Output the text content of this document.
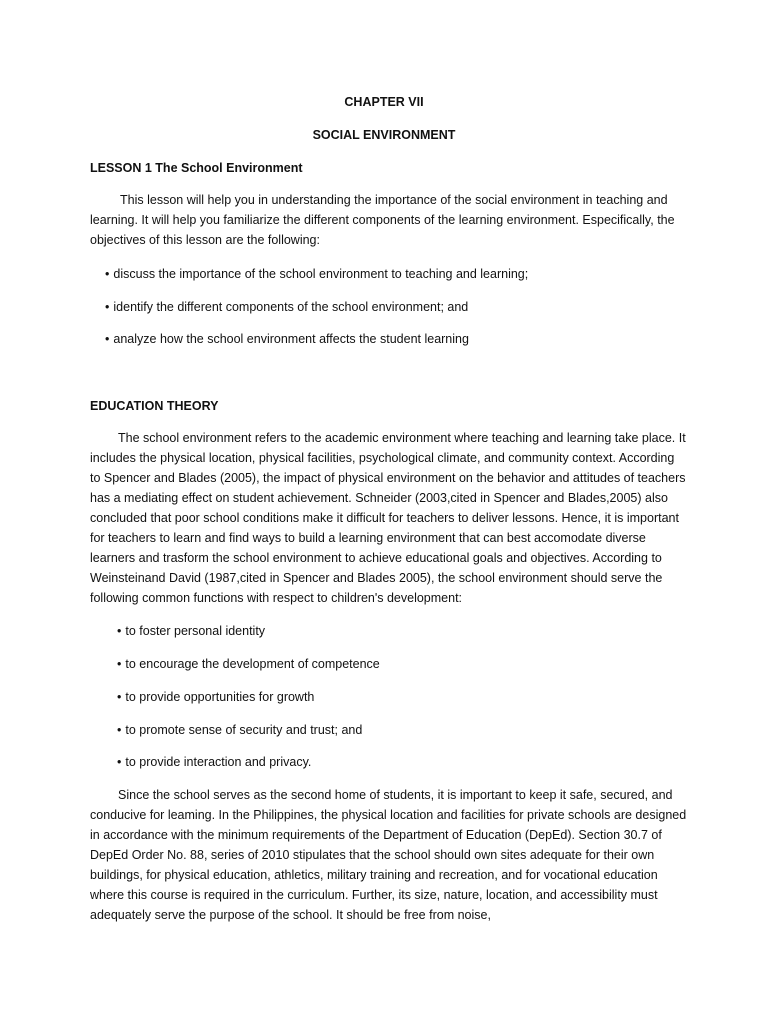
CHAPTER VII
SOCIAL ENVIRONMENT
LESSON 1 The School Environment

This lesson will help you in understanding the importance of the social environment in teaching and learning. It will help you familiarize the different components of the learning environment. Especifically, the objectives of this lesson are the following:

• discuss the importance of the school environment to teaching and learning;
• identify the different components of the school environment; and
• analyze how the school environment affects the student learning
EDUCATION THEORY

The school environment refers to the academic environment where teaching and learning take place. It includes the physical location, physical facilities, psychological climate, and community context. According to Spencer and Blades (2005), the impact of physical environment on the behavior and attitudes of teachers has a mediating effect on student achievement. Schneider (2003,cited in Spencer and Blades,2005) also concluded that poor school conditions make it difficult for teachers to deliver lessons. Hence, it is important for teachers to learn and find ways to build a learning environment that can best accomodate diverse learners and trasform the school environment to achieve educational goals and objectives. According to Weinsteinand David (1987,cited in Spencer and Blades 2005), the school environment should serve the following common functions with respect to children's development:

• to foster personal identity
• to encourage the development of competence
• to provide opportunities for growth
• to promote sense of security and trust; and
• to provide interaction and privacy.

Since the school serves as the second home of students, it is important to keep it safe, secured, and conducive for leaming. In the Philippines, the physical location and facilities for private schools are designed in accordance with the minimum requirements of the Department of Education (DepEd). Section 30.7 of DepEd Order No. 88, series of 2010 stipulates that the school should own sites adequate for their own buildings, for physical education, athletics, military training and recreation, and for vocational education where this course is required in the curriculum. Further, its size, nature, location, and accessibility must adequately serve the purpose of the school. It should be free from noise,
